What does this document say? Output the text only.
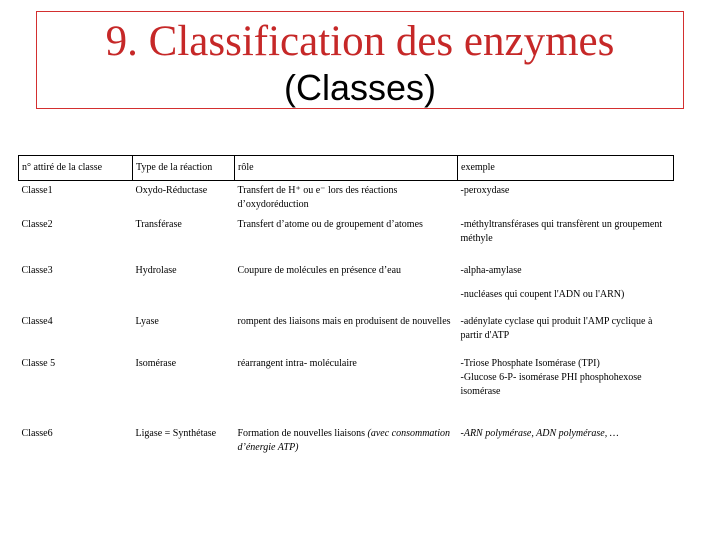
9. Classification des enzymes
(Classes)
n° attiré de la classe	Type de la réaction	rôle	exemple
Classe1	Oxydo-Réductase	Transfert de H⁺ ou e⁻ lors des réactions d’oxydoréduction	-peroxydase

Classe2	Transférase	Transfert d’atome ou de groupement d’atomes	-méthyltransférases qui transfèrent un groupement méthyle

Classe3	Hydrolase	Coupure de molécules en présence d’eau	-alpha-amylase
-nucléases qui coupent l'ADN ou l'ARN)

Classe4	Lyase	rompent des liaisons mais en produisent de nouvelles	-adénylate cyclase qui produit l'AMP cyclique à partir d'ATP

Classe 5	Isomérase	réarrangent intra- moléculaire	-Triose Phosphate Isomérase (TPI)
-Glucose 6-P- isomérase PHI phosphohexose isomérase

Classe6	Ligase = Synthétase	Formation de nouvelles liaisons (avec consommation d’énergie ATP)	-ARN polymérase, ADN polymérase, …
